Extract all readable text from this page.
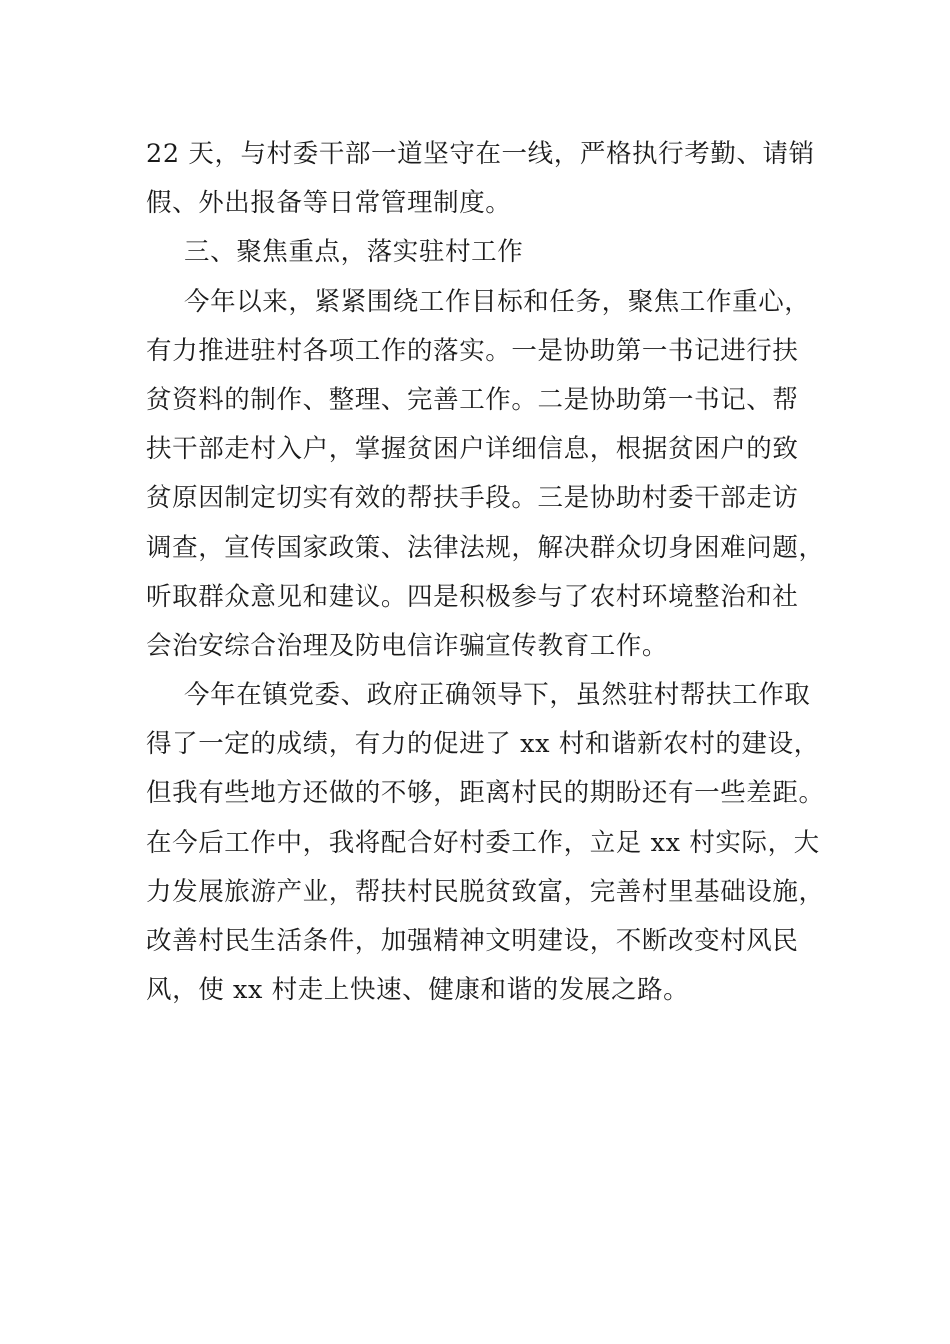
22 天，与村委干部一道坚守在一线，严格执行考勤、请销
假、外出报备等日常管理制度。
三、聚焦重点，落实驻村工作
今年以来，紧紧围绕工作目标和任务，聚焦工作重心，
有力推进驻村各项工作的落实。一是协助第一书记进行扶
贫资料的制作、整理、完善工作。二是协助第一书记、帮
扶干部走村入户，掌握贫困户详细信息，根据贫困户的致
贫原因制定切实有效的帮扶手段。三是协助村委干部走访
调查，宣传国家政策、法律法规，解决群众切身困难问题，
听取群众意见和建议。四是积极参与了农村环境整治和社
会治安综合治理及防电信诈骗宣传教育工作。
今年在镇党委、政府正确领导下，虽然驻村帮扶工作取
得了一定的成绩，有力的促进了 xx 村和谐新农村的建设，
但我有些地方还做的不够，距离村民的期盼还有一些差距。
在今后工作中，我将配合好村委工作，立足 xx 村实际，大
力发展旅游产业，帮扶村民脱贫致富，完善村里基础设施，
改善村民生活条件，加强精神文明建设，不断改变村风民
风，使 xx 村走上快速、健康和谐的发展之路。
